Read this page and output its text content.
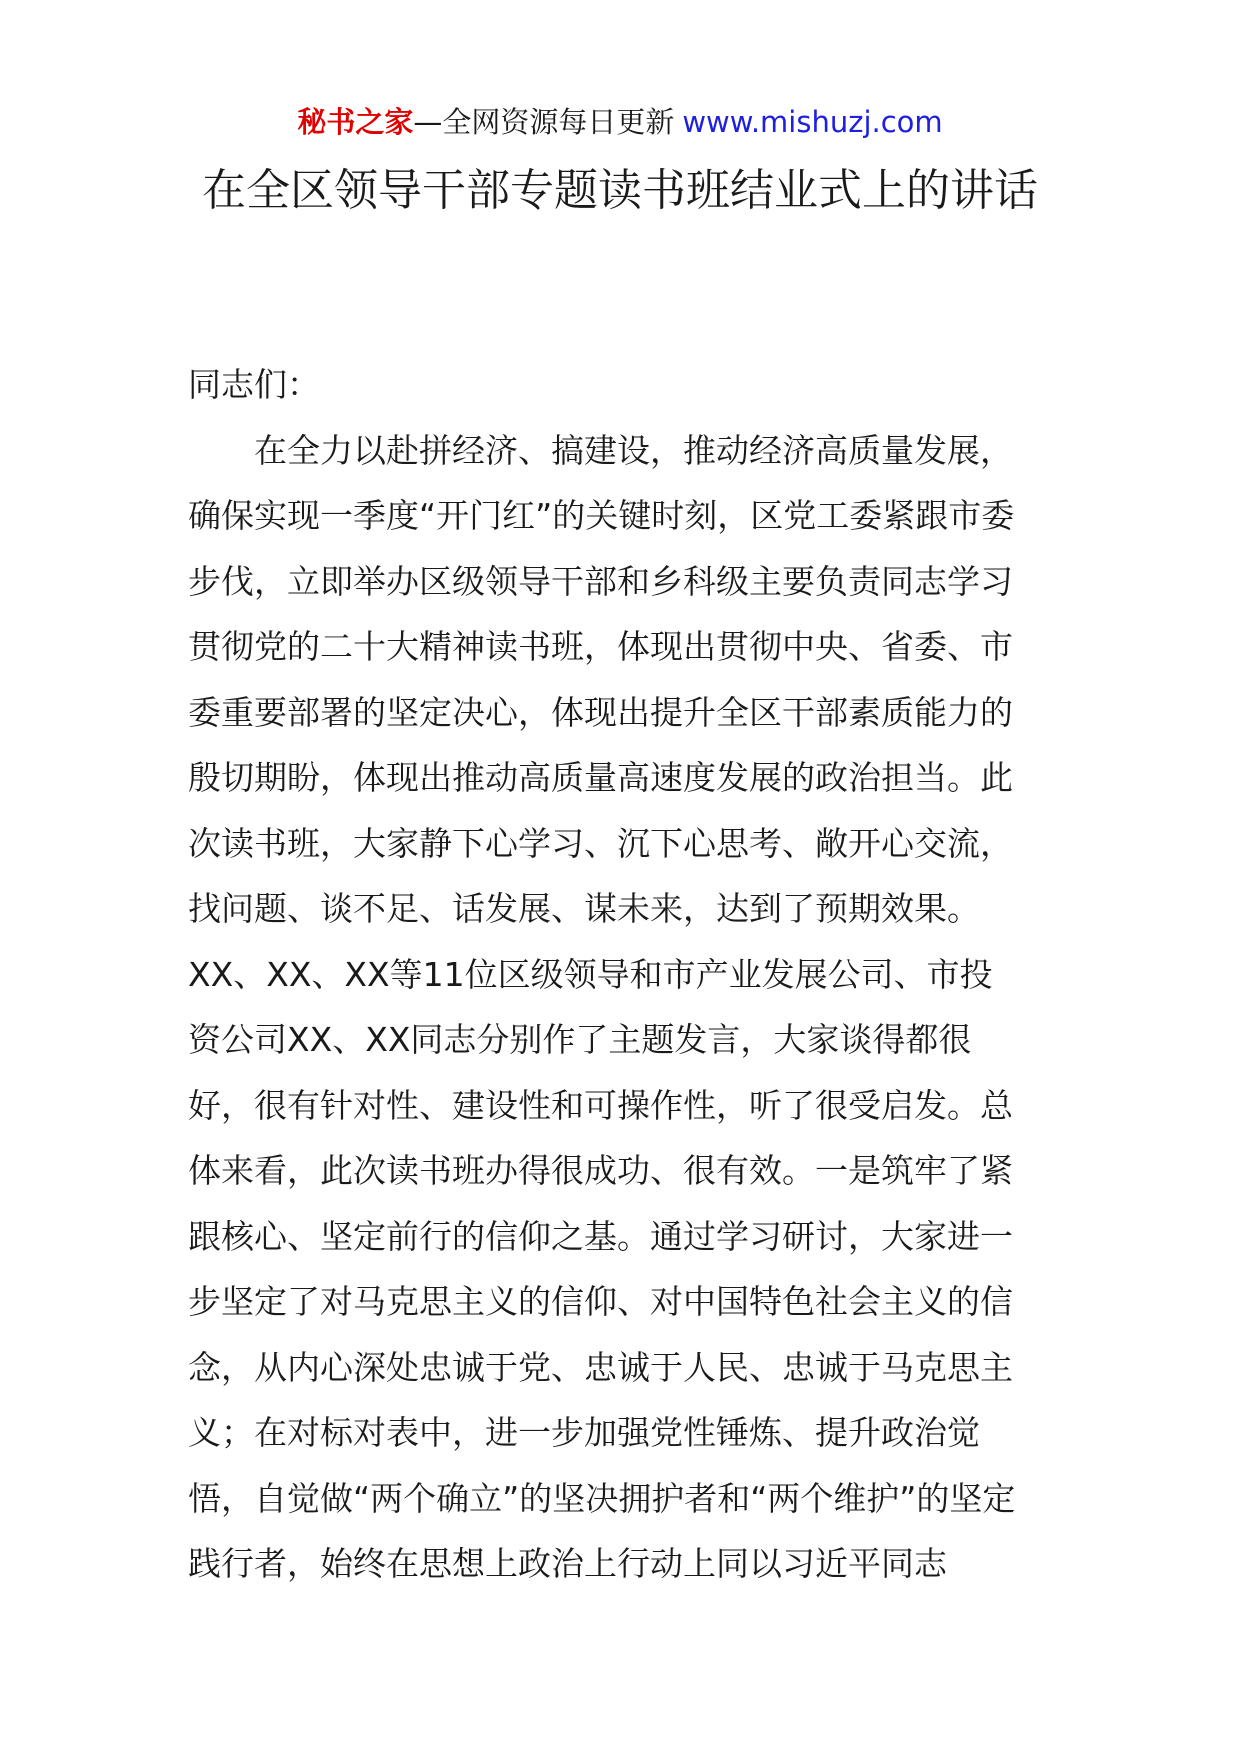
秘书之家—全网资源每日更新 www.mishuzj.com
在全区领导干部专题读书班结业式上的讲话

同志们：

在全力以赴拼经济、搞建设，推动经济高质量发展，确保实现一季度“开门红”的关键时刻，区党工委紧跟市委步伐，立即举办区级领导干部和乡科级主要负责同志学习贯彻党的二十大精神读书班，体现出贯彻中央、省委、市委重要部署的坚定决心，体现出提升全区干部素质能力的殷切期盼，体现出推动高质量高速度发展的政治担当。此次读书班，大家静下心学习、沉下心思考、敞开心交流，找问题、谈不足、话发展、谋未来，达到了预期效果。XX、XX、XX等11位区级领导和市产业发展公司、市投资公司XX、XX同志分别作了主题发言，大家谈得都很好，很有针对性、建设性和可操作性，听了很受启发。总体来看，此次读书班办得很成功、很有效。一是筑牢了紧跟核心、坚定前行的信仰之基。通过学习研讨，大家进一步坚定了对马克思主义的信仰、对中国特色社会主义的信念，从内心深处忠诚于党、忠诚于人民、忠诚于马克思主义；在对标对表中，进一步加强党性锤炼、提升政治觉悟，自觉做“两个确立”的坚决拥护者和“两个维护”的坚定践行者，始终在思想上政治上行动上同以习近平同志
